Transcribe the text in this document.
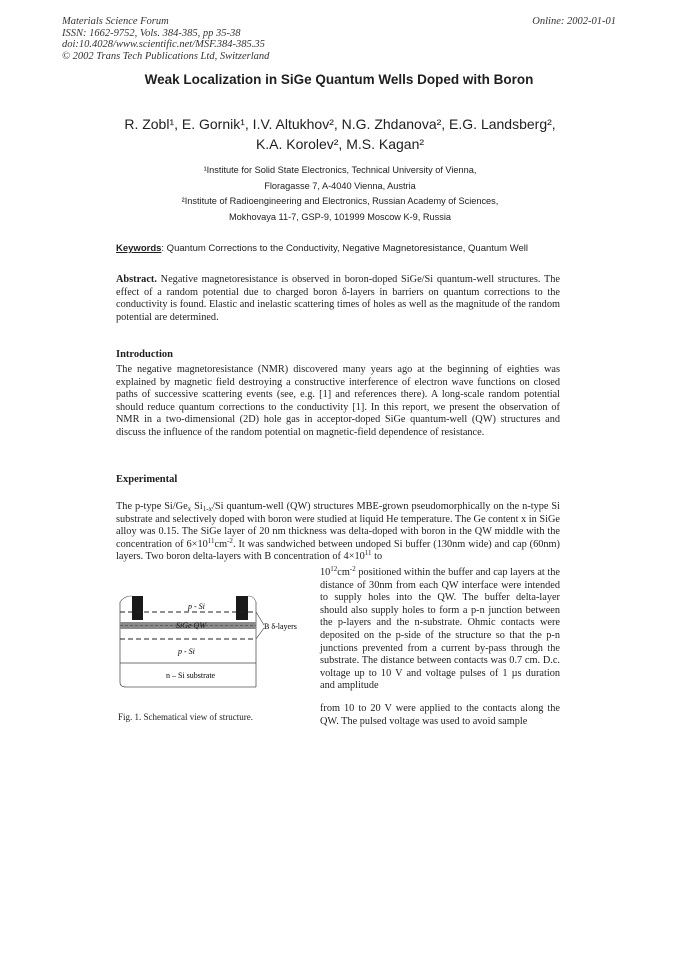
Materials Science Forum
ISSN: 1662-9752, Vols. 384-385, pp 35-38
doi:10.4028/www.scientific.net/MSF.384-385.35
© 2002 Trans Tech Publications Ltd, Switzerland
Online: 2002-01-01
Weak Localization in SiGe Quantum Wells Doped with Boron
R. Zobl¹, E. Gornik¹, I.V. Altukhov², N.G. Zhdanova², E.G. Landsberg²,
K.A. Korolev², M.S. Kagan²
¹Institute for Solid State Electronics, Technical University of Vienna,
Floragasse 7, A-4040 Vienna, Austria
²Institute of Radioengineering and Electronics, Russian Academy of Sciences,
Mokhovaya 11-7, GSP-9, 101999 Moscow K-9, Russia
Keywords: Quantum Corrections to the Conductivity, Negative Magnetoresistance, Quantum Well
Abstract. Negative magnetoresistance is observed in boron-doped SiGe/Si quantum-well structures. The effect of a random potential due to charged boron δ-layers in barriers on quantum corrections to the conductivity is found. Elastic and inelastic scattering times of holes as well as the magnitude of the random potential are determined.
Introduction
The negative magnetoresistance (NMR) discovered many years ago at the beginning of eighties was explained by magnetic field destroying a constructive interference of electron wave functions on closed paths of successive scattering events (see, e.g. [1] and references there). A long-scale random potential should reduce quantum corrections to the conductivity [1]. In this report, we present the observation of NMR in a two-dimensional (2D) hole gas in acceptor-doped SiGe quantum-well (QW) structures and discuss the influence of the random potential on magnetic-field dependence of resistance.
Experimental
The p-type $Si/Ge_x$ $Si_{1-x}/Si$ quantum-well (QW) structures MBE-grown pseudomorphically on the n-type Si substrate and selectively doped with boron were studied at liquid He temperature. The Ge content x in SiGe alloy was 0.15. The SiGe layer of 20 nm thickness was delta-doped with boron in the QW middle with the concentration of $6\times 10^{11}cm^{-2}$. It was sandwiched between undoped Si buffer (130nm wide) and cap (60nm) layers. Two boron delta-layers with B concentration of $4\times 10^{11}$ to
$10^{12}cm^{-2}$ positioned within the buffer and cap layers at the distance of 30nm from each QW interface were intended to supply holes into the QW. The buffer delta-layer should also supply holes to form a p-n junction between the p-layers and the n-substrate. Ohmic contacts were deposited on the p-side of the structure so that the p-n junctions prevented from a current by-pass through the substrate. The distance between contacts was 0.7 cm. D.c. voltage up to 10 V and voltage pulses of 1 µs duration and amplitude
from 10 to 20 V were applied to the contacts along the QW. The pulsed voltage was used to avoid sample
p - Si
SiGe QW	B δ-layers
p - Si
n – Si substrate
Fig. 1. Schematical view of structure.
